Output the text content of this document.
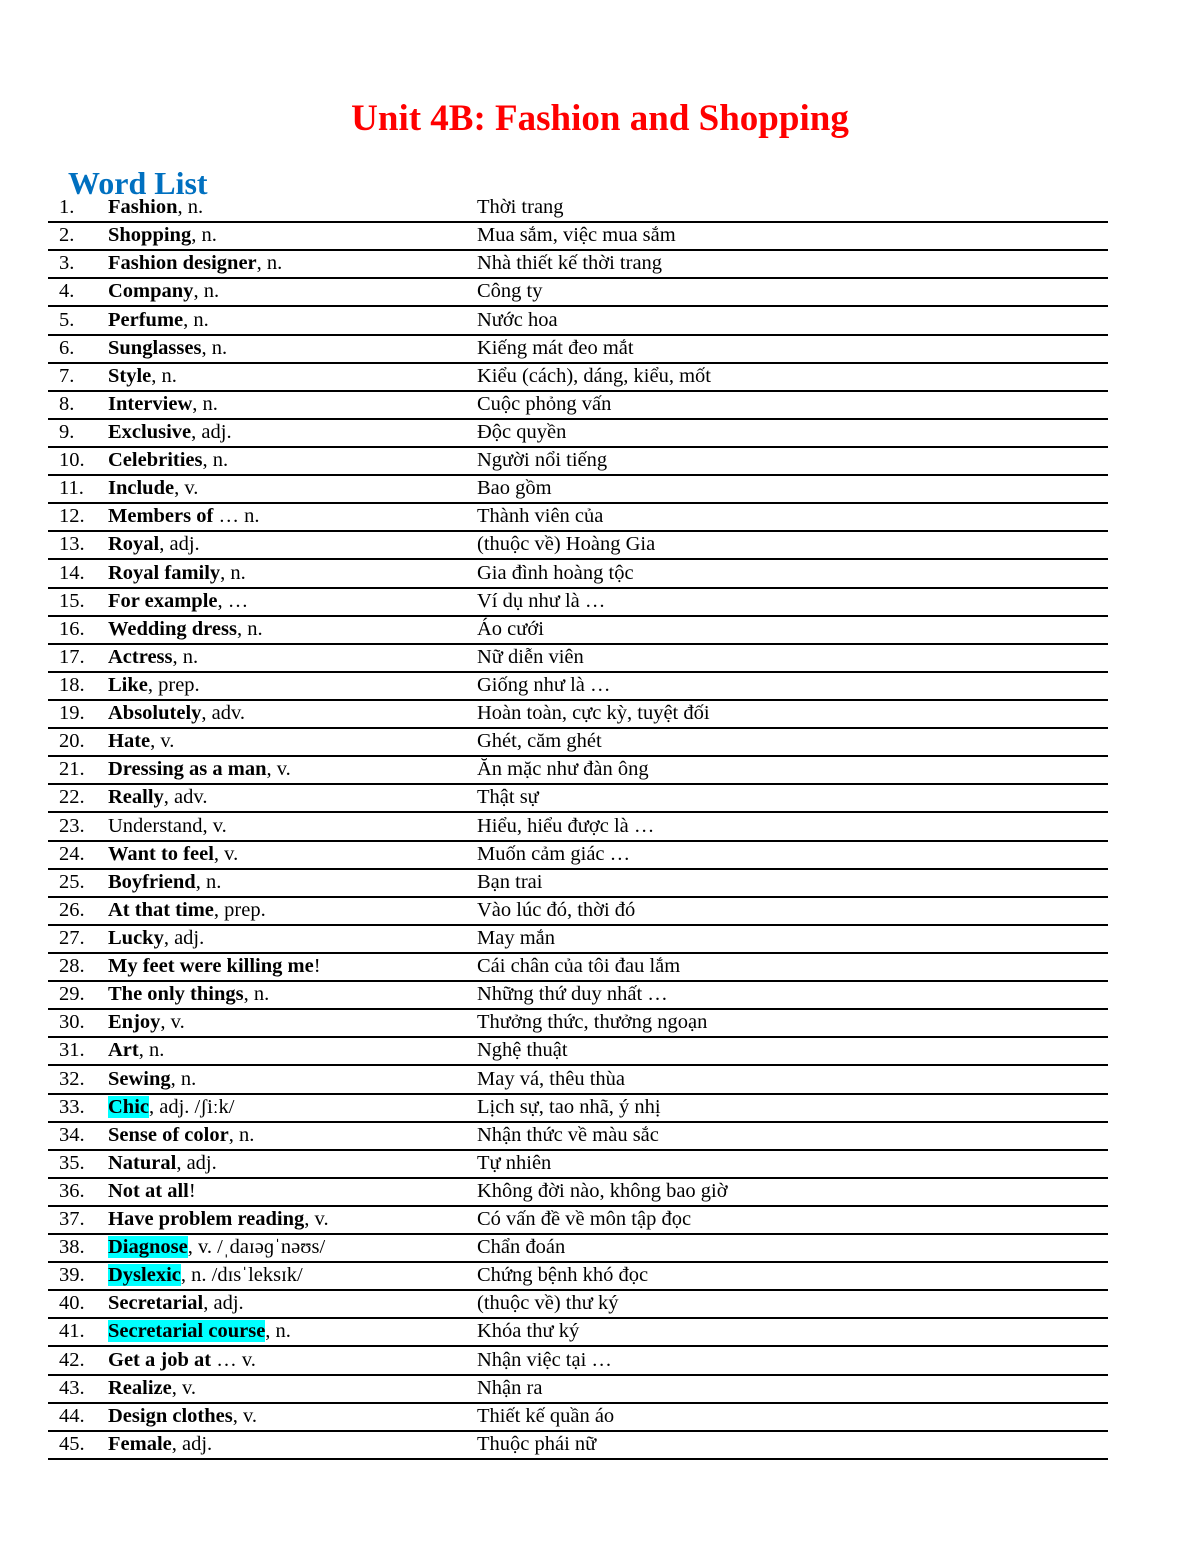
Unit 4B: Fashion and Shopping
Word List
1. Fashion, n.	Thời trang
2. Shopping, n.	Mua sắm, việc mua sắm
3. Fashion designer, n.	Nhà thiết kế thời trang
4. Company, n.	Công ty
5. Perfume, n.	Nước hoa
6. Sunglasses, n.	Kiếng mát đeo mắt
7. Style, n.	Kiểu (cách), dáng, kiểu, mốt
8. Interview, n.	Cuộc phỏng vấn
9. Exclusive, adj.	Độc quyền
10. Celebrities, n.	Người nổi tiếng
11. Include, v.	Bao gồm
12. Members of … n.	Thành viên của
13. Royal, adj.	(thuộc về) Hoàng Gia
14. Royal family, n.	Gia đình hoàng tộc
15. For example, …	Ví dụ như là …
16. Wedding dress, n.	Áo cưới
17. Actress, n.	Nữ diễn viên
18. Like, prep.	Giống như là …
19. Absolutely, adv.	Hoàn toàn, cực kỳ, tuyệt đối
20. Hate, v.	Ghét, căm ghét
21. Dressing as a man, v.	Ăn mặc như đàn ông
22. Really, adv.	Thật sự
23. Understand, v.	Hiểu, hiểu được là …
24. Want to feel, v.	Muốn cảm giác …
25. Boyfriend, n.	Bạn trai
26. At that time, prep.	Vào lúc đó, thời đó
27. Lucky, adj.	May mắn
28. My feet were killing me!	Cái chân của tôi đau lắm
29. The only things, n.	Những thứ duy nhất …
30. Enjoy, v.	Thưởng thức, thưởng ngoạn
31. Art, n.	Nghệ thuật
32. Sewing, n.	May vá, thêu thùa
33. Chic, adj. /ʃiːk/	Lịch sự, tao nhã, ý nhị
34. Sense of color, n.	Nhận thức về màu sắc
35. Natural, adj.	Tự nhiên
36. Not at all!	Không đời nào, không bao giờ
37. Have problem reading, v.	Có vấn đề về môn tập đọc
38. Diagnose, v. /ˌdaɪəɡˈnəʊs/	Chẩn đoán
39. Dyslexic, n. /dɪsˈleksɪk/	Chứng bệnh khó đọc
40. Secretarial, adj.	(thuộc về) thư ký
41. Secretarial course, n.	Khóa thư ký
42. Get a job at … v.	Nhận việc tại …
43. Realize, v.	Nhận ra
44. Design clothes, v.	Thiết kế quần áo
45. Female, adj.	Thuộc phái nữ
